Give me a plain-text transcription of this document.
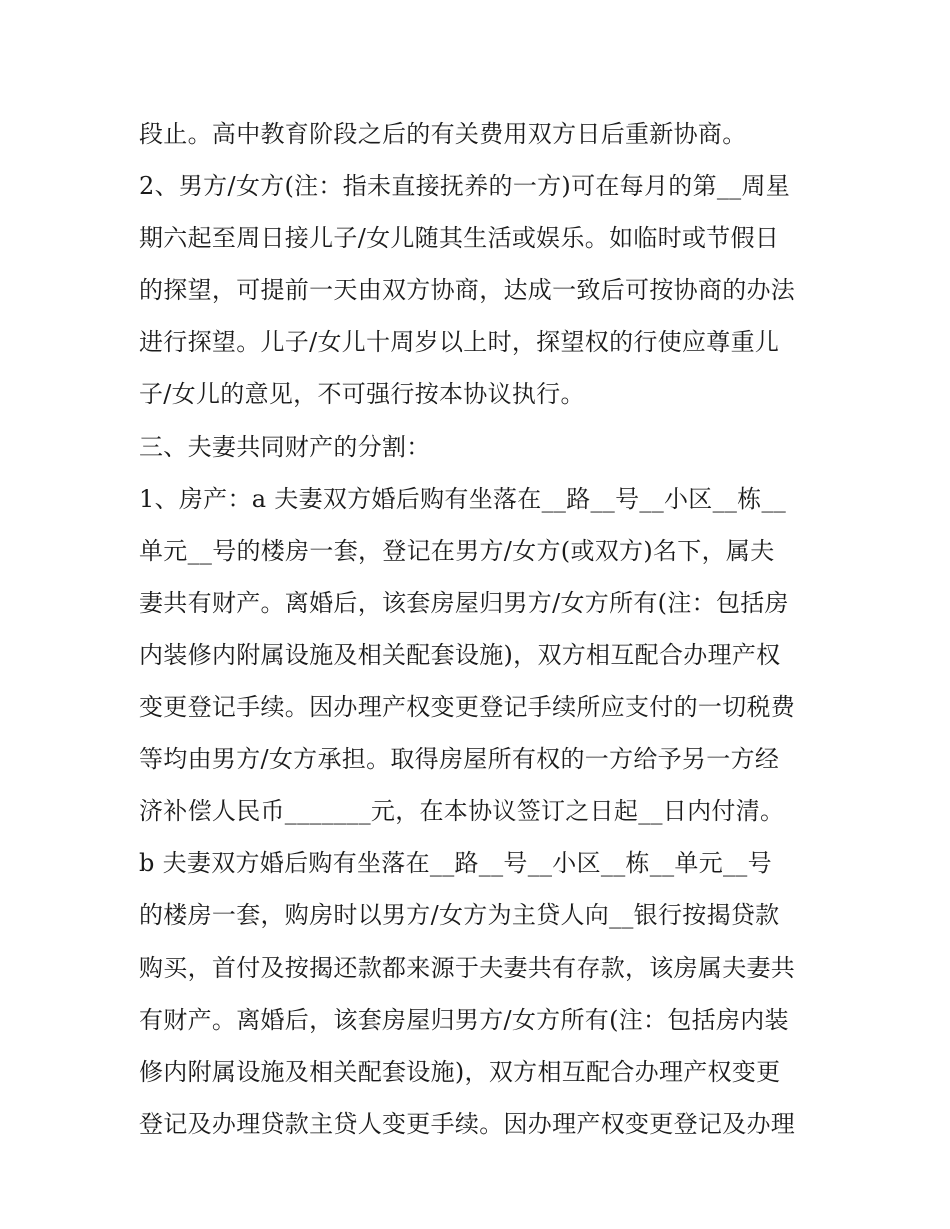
段止。高中教育阶段之后的有关费用双方日后重新协商。
2、男方/女方(注：指未直接抚养的一方)可在每月的第__周星
期六起至周日接儿子/女儿随其生活或娱乐。如临时或节假日
的探望，可提前一天由双方协商，达成一致后可按协商的办法
进行探望。儿子/女儿十周岁以上时，探望权的行使应尊重儿
子/女儿的意见，不可强行按本协议执行。
三、夫妻共同财产的分割：
1、房产：a 夫妻双方婚后购有坐落在__路__号__小区__栋__
单元__号的楼房一套，登记在男方/女方(或双方)名下，属夫
妻共有财产。离婚后，该套房屋归男方/女方所有(注：包括房
内装修内附属设施及相关配套设施)，双方相互配合办理产权
变更登记手续。因办理产权变更登记手续所应支付的一切税费
等均由男方/女方承担。取得房屋所有权的一方给予另一方经
济补偿人民币_______元，在本协议签订之日起__日内付清。
b 夫妻双方婚后购有坐落在__路__号__小区__栋__单元__号
的楼房一套，购房时以男方/女方为主贷人向__银行按揭贷款
购买，首付及按揭还款都来源于夫妻共有存款，该房属夫妻共
有财产。离婚后，该套房屋归男方/女方所有(注：包括房内装
修内附属设施及相关配套设施)，双方相互配合办理产权变更
登记及办理贷款主贷人变更手续。因办理产权变更登记及办理
